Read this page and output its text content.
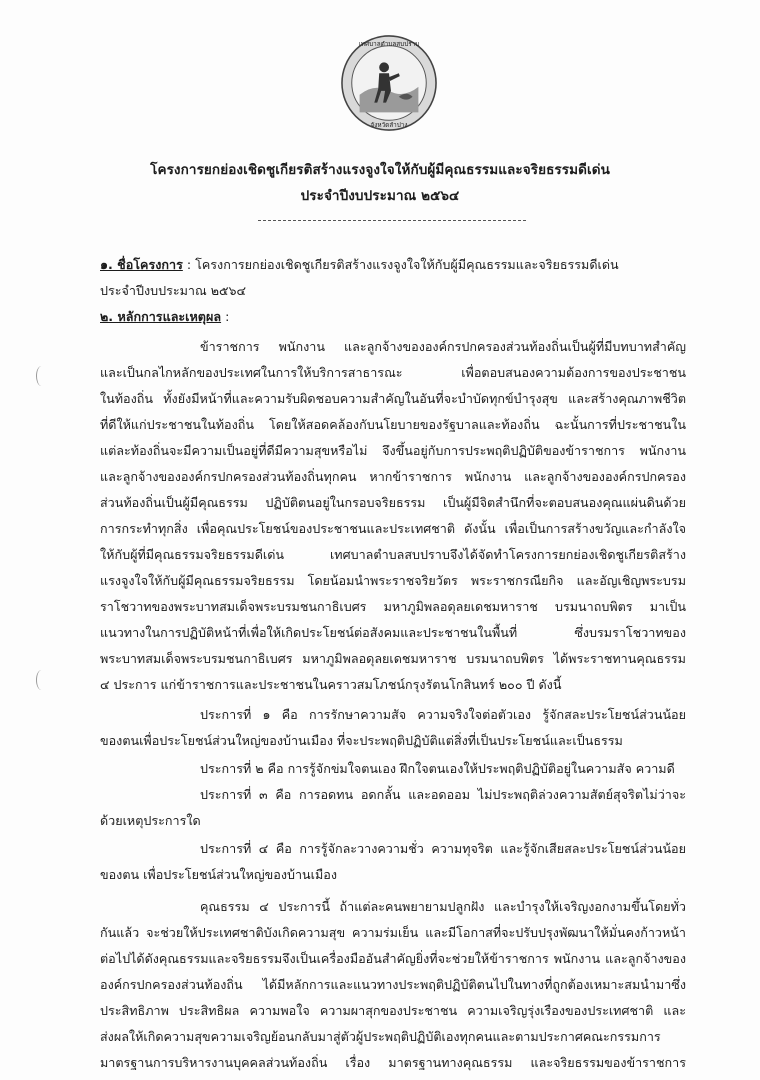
เทศบาลตำบลสบปราบ
จังหวัดลำปาง
โครงการยกย่องเชิดชูเกียรติสร้างแรงจูงใจให้กับผู้มีคุณธรรมและจริยธรรมดีเด่น
ประจำปีงบประมาณ ๒๕๖๔
๑. ชื่อโครงการ : โครงการยกย่องเชิดชูเกียรติสร้างแรงจูงใจให้กับผู้มีคุณธรรมและจริยธรรมดีเด่น
ประจำปีงบประมาณ ๒๕๖๔
๒. หลักการและเหตุผล :
ข้าราชการ พนักงาน และลูกจ้างขององค์กรปกครองส่วนท้องถิ่นเป็นผู้ที่มีบทบาทสำคัญ
และเป็นกลไกหลักของประเทศในการให้บริการสาธารณะ เพื่อตอบสนองความต้องการของประชาชน
ในท้องถิ่น ทั้งยังมีหน้าที่และความรับผิดชอบความสำคัญในอันที่จะบำบัดทุกข์บำรุงสุข และสร้างคุณภาพชีวิต
ที่ดีให้แก่ประชาชนในท้องถิ่น โดยให้สอดคล้องกับนโยบายของรัฐบาลและท้องถิ่น ฉะนั้นการที่ประชาชนใน
แต่ละท้องถิ่นจะมีความเป็นอยู่ที่ดีมีความสุขหรือไม่ จึงขึ้นอยู่กับการประพฤติปฏิบัติของข้าราชการ พนักงาน
และลูกจ้างขององค์กรปกครองส่วนท้องถิ่นทุกคน หากข้าราชการ พนักงาน และลูกจ้างขององค์กรปกครอง
ส่วนท้องถิ่นเป็นผู้มีคุณธรรม ปฏิบัติตนอยู่ในกรอบจริยธรรม เป็นผู้มีจิตสำนึกที่จะตอบสนองคุณแผ่นดินด้วย
การกระทำทุกสิ่ง เพื่อคุณประโยชน์ของประชาชนและประเทศชาติ ดังนั้น เพื่อเป็นการสร้างขวัญและกำลังใจ
ให้กับผู้ที่มีคุณธรรมจริยธรรมดีเด่น เทศบาลตำบลสบปราบจึงได้จัดทำโครงการยกย่องเชิดชูเกียรติสร้าง
แรงจูงใจให้กับผู้มีคุณธรรมจริยธรรม โดยน้อมนำพระราชจริยวัตร พระราชกรณียกิจ และอัญเชิญพระบรม
ราโชวาทของพระบาทสมเด็จพระบรมชนกาธิเบศร มหาภูมิพลอดุลยเดชมหาราช บรมนาถบพิตร มาเป็น
แนวทางในการปฏิบัติหน้าที่เพื่อให้เกิดประโยชน์ต่อสังคมและประชาชนในพื้นที่ ซึ่งบรมราโชวาทของ
พระบาทสมเด็จพระบรมชนกาธิเบศร มหาภูมิพลอดุลยเดชมหาราช บรมนาถบพิตร ได้พระราชทานคุณธรรม
๔ ประการ แก่ข้าราชการและประชาชนในคราวสมโภชน์กรุงรัตนโกสินทร์ ๒๐๐ ปี ดังนี้
ประการที่ ๑ คือ การรักษาความสัจ ความจริงใจต่อตัวเอง รู้จักสละประโยชน์ส่วนน้อย
ของตนเพื่อประโยชน์ส่วนใหญ่ของบ้านเมือง ที่จะประพฤติปฏิบัติแต่สิ่งที่เป็นประโยชน์และเป็นธรรม
ประการที่ ๒ คือ การรู้จักข่มใจตนเอง ฝึกใจตนเองให้ประพฤติปฏิบัติอยู่ในความสัจ ความดี
ประการที่ ๓ คือ การอดทน อดกลั้น และอดออม ไม่ประพฤติล่วงความสัตย์สุจริตไม่ว่าจะ
ด้วยเหตุประการใด
ประการที่ ๔ คือ การรู้จักละวางความชั่ว ความทุจริต และรู้จักเสียสละประโยชน์ส่วนน้อย
ของตน เพื่อประโยชน์ส่วนใหญ่ของบ้านเมือง
คุณธรรม ๔ ประการนี้ ถ้าแต่ละคนพยายามปลูกฝัง และบำรุงให้เจริญงอกงามขึ้นโดยทั่ว
กันแล้ว จะช่วยให้ประเทศชาติบังเกิดความสุข ความร่มเย็น และมีโอกาสที่จะปรับปรุงพัฒนาให้มั่นคงก้าวหน้า
ต่อไปได้ดังคุณธรรมและจริยธรรมจึงเป็นเครื่องมืออันสำคัญยิ่งที่จะช่วยให้ข้าราชการ พนักงาน และลูกจ้างของ
องค์กรปกครองส่วนท้องถิ่น ได้มีหลักการและแนวทางประพฤติปฏิบัติตนไปในทางที่ถูกต้องเหมาะสมนำมาซึ่ง
ประสิทธิภาพ ประสิทธิผล ความพอใจ ความผาสุกของประชาชน ความเจริญรุ่งเรืองของประเทศชาติ และ
ส่งผลให้เกิดความสุขความเจริญย้อนกลับมาสู่ตัวผู้ประพฤติปฏิบัติเองทุกคนและตามประกาศคณะกรรมการ
มาตรฐานการบริหารงานบุคคลส่วนท้องถิ่น เรื่อง มาตรฐานทางคุณธรรม และจริยธรรมของข้าราชการ
